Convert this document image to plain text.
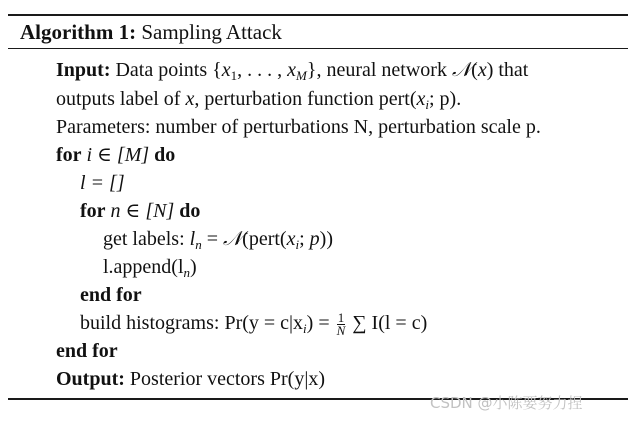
Algorithm 1: Sampling Attack
Input: Data points {$x_1$, . . . , $x_M$}, neural network 𝒩(x) that
outputs label of x, perturbation function $pert(x_i$; p).
Parameters: number of perturbations N, perturbation scale p.
for i ∈ [M] do
l = []
for n ∈ [N] do
get labels: $l_n$ = $𝒩(pert(x_i$; p))
$l.append(l_n)$
end for
build histograms: $Pr(y = c|x_i) = \frac{1}{N}$ ∑ I(l = c)
end for
Output: Posterior vectors Pr(y|x)
CSDN @小陈要努力捏
